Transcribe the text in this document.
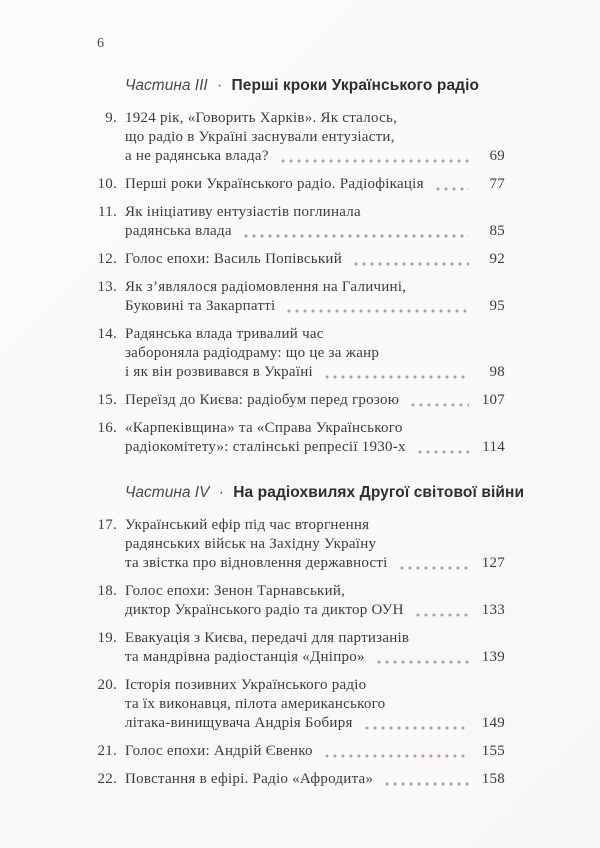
6
Частина III · Перші кроки Українського радіо
9. 1924 рік, «Говорить Харків». Як сталось,
що радіо в Україні заснували ентузіасти,
а не радянська влада?	69
10. Перші роки Українського радіо. Радіофікація	77
11. Як ініціативу ентузіастів поглинала
радянська влада	85
12. Голос епохи: Василь Попівський	92
13. Як з’являлося радіомовлення на Галичині,
Буковині та Закарпатті	95
14. Радянська влада тривалий час
забороняла радіодраму: що це за жанр
і як він розвивався в Україні	98
15. Переїзд до Києва: радіобум перед грозою	107
16. «Карпеківщина» та «Справа Українського
радіокомітету»: сталінські репресії 1930-х	114
Частина IV · На радіохвилях Другої світової війни
17. Український ефір під час вторгнення
радянських військ на Західну Україну
та звістка про відновлення державності	127
18. Голос епохи: Зенон Тарнавський,
диктор Українського радіо та диктор ОУН	133
19. Евакуація з Києва, передачі для партизанів
та мандрівна радіостанція «Дніпро»	139
20. Історія позивних Українського радіо
та їх виконавця, пілота американського
літака-винищувача Андрія Бобиря	149
21. Голос епохи: Андрій Євенко	155
22. Повстання в ефірі. Радіо «Афродита»	158
